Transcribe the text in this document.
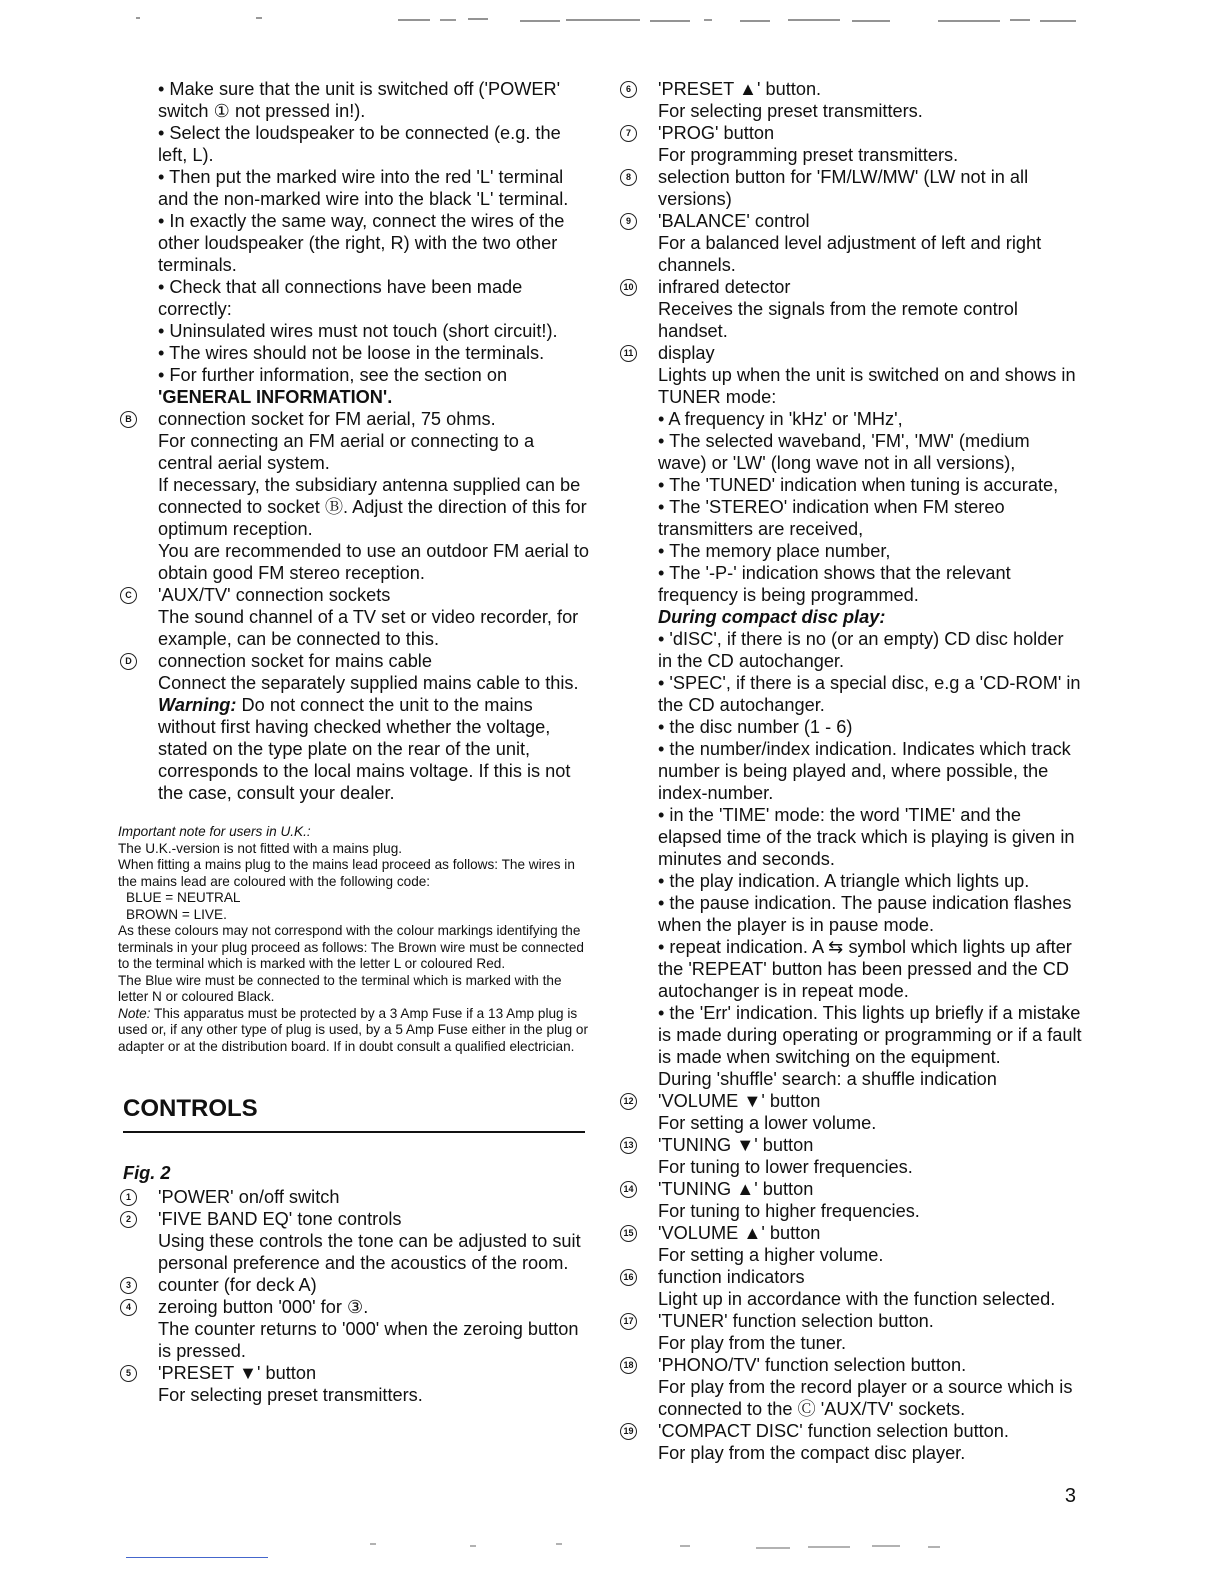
• Make sure that the unit is switched off ('POWER' switch ① not pressed in!).

• Select the loudspeaker to be connected (e.g. the left, L).

• Then put the marked wire into the red 'L' terminal and the non-marked wire into the black 'L' terminal.

• In exactly the same way, connect the wires of the other loudspeaker (the right, R) with the two other terminals.

• Check that all connections have been made correctly:

• Uninsulated wires must not touch (short circuit!).

• The wires should not be loose in the terminals.

• For further information, see the section on 'GENERAL INFORMATION'.

B connection socket for FM aerial, 75 ohms.
For connecting an FM aerial or connecting to a central aerial system.
If necessary, the subsidiary antenna supplied can be connected to socket Ⓑ. Adjust the direction of this for optimum reception.
You are recommended to use an outdoor FM aerial to obtain good FM stereo reception.
C 'AUX/TV' connection sockets
The sound channel of a TV set or video recorder, for example, can be connected to this.
D connection socket for mains cable
Connect the separately supplied mains cable to this.

Warning: Do not connect the unit to the mains without first having checked whether the voltage, stated on the type plate on the rear of the unit, corresponds to the local mains voltage. If this is not the case, consult your dealer.

Important note for users in U.K.:
The U.K.-version is not fitted with a mains plug.
When fitting a mains plug to the mains lead proceed as follows: The wires in the mains lead are coloured with the following code:
BLUE = NEUTRAL
BROWN = LIVE.
As these colours may not correspond with the colour markings identifying the terminals in your plug proceed as follows: The Brown wire must be connected to the terminal which is marked with the letter L or coloured Red.
The Blue wire must be connected to the terminal which is marked with the letter N or coloured Black.
Note: This apparatus must be protected by a 3 Amp Fuse if a 13 Amp plug is used or, if any other type of plug is used, by a 5 Amp Fuse either in the plug or adapter or at the distribution board. If in doubt consult a qualified electrician.
CONTROLS
Fig. 2
1	'POWER' on/off switch
2	'FIVE BAND EQ' tone controls
Using these controls the tone can be adjusted to suit personal preference and the acoustics of the room.
3	counter (for deck A)
4	zeroing button '000' for ③.
The counter returns to '000' when the zeroing button is pressed.
5	'PRESET ▼' button
For selecting preset transmitters.
6	'PRESET ▲' button.
For selecting preset transmitters.
7	'PROG' button
For programming preset transmitters.
8	selection button for 'FM/LW/MW' (LW not in all versions)
9	'BALANCE' control
For a balanced level adjustment of left and right channels.
10 infrared detector
Receives the signals from the remote control handset.
11 display
Lights up when the unit is switched on and shows in TUNER mode:
• A frequency in 'kHz' or 'MHz',
• The selected waveband, 'FM', 'MW' (medium wave) or 'LW' (long wave not in all versions),
• The 'TUNED' indication when tuning is accurate,
• The 'STEREO' indication when FM stereo transmitters are received,
• The memory place number,
• The '-P-' indication shows that the relevant frequency is being programmed.
During compact disc play:
• 'dISC', if there is no (or an empty) CD disc holder in the CD autochanger.
• 'SPEC', if there is a special disc, e.g a 'CD-ROM' in the CD autochanger.
• the disc number (1 - 6)
• the number/index indication. Indicates which track number is being played and, where possible, the index-number.
• in the 'TIME' mode: the word 'TIME' and the elapsed time of the track which is playing is given in minutes and seconds.
• the play indication. A triangle which lights up.
• the pause indication. The pause indication flashes when the player is in pause mode.
• repeat indication. A ⇆ symbol which lights up after the 'REPEAT' button has been pressed and the CD autochanger is in repeat mode.
• the 'Err' indication. This lights up briefly if a mistake is made during operating or programming or if a fault is made when switching on the equipment.
During 'shuffle' search: a shuffle indication
12 'VOLUME ▼' button
For setting a lower volume.
13 'TUNING ▼' button
For tuning to lower frequencies.
14 'TUNING ▲' button
For tuning to higher frequencies.
15 'VOLUME ▲' button
For setting a higher volume.
16 function indicators
Light up in accordance with the function selected.
17 'TUNER' function selection button.
For play from the tuner.
18 'PHONO/TV' function selection button.
For play from the record player or a source which is connected to the Ⓒ 'AUX/TV' sockets.
19 'COMPACT DISC' function selection button.
For play from the compact disc player.
3
